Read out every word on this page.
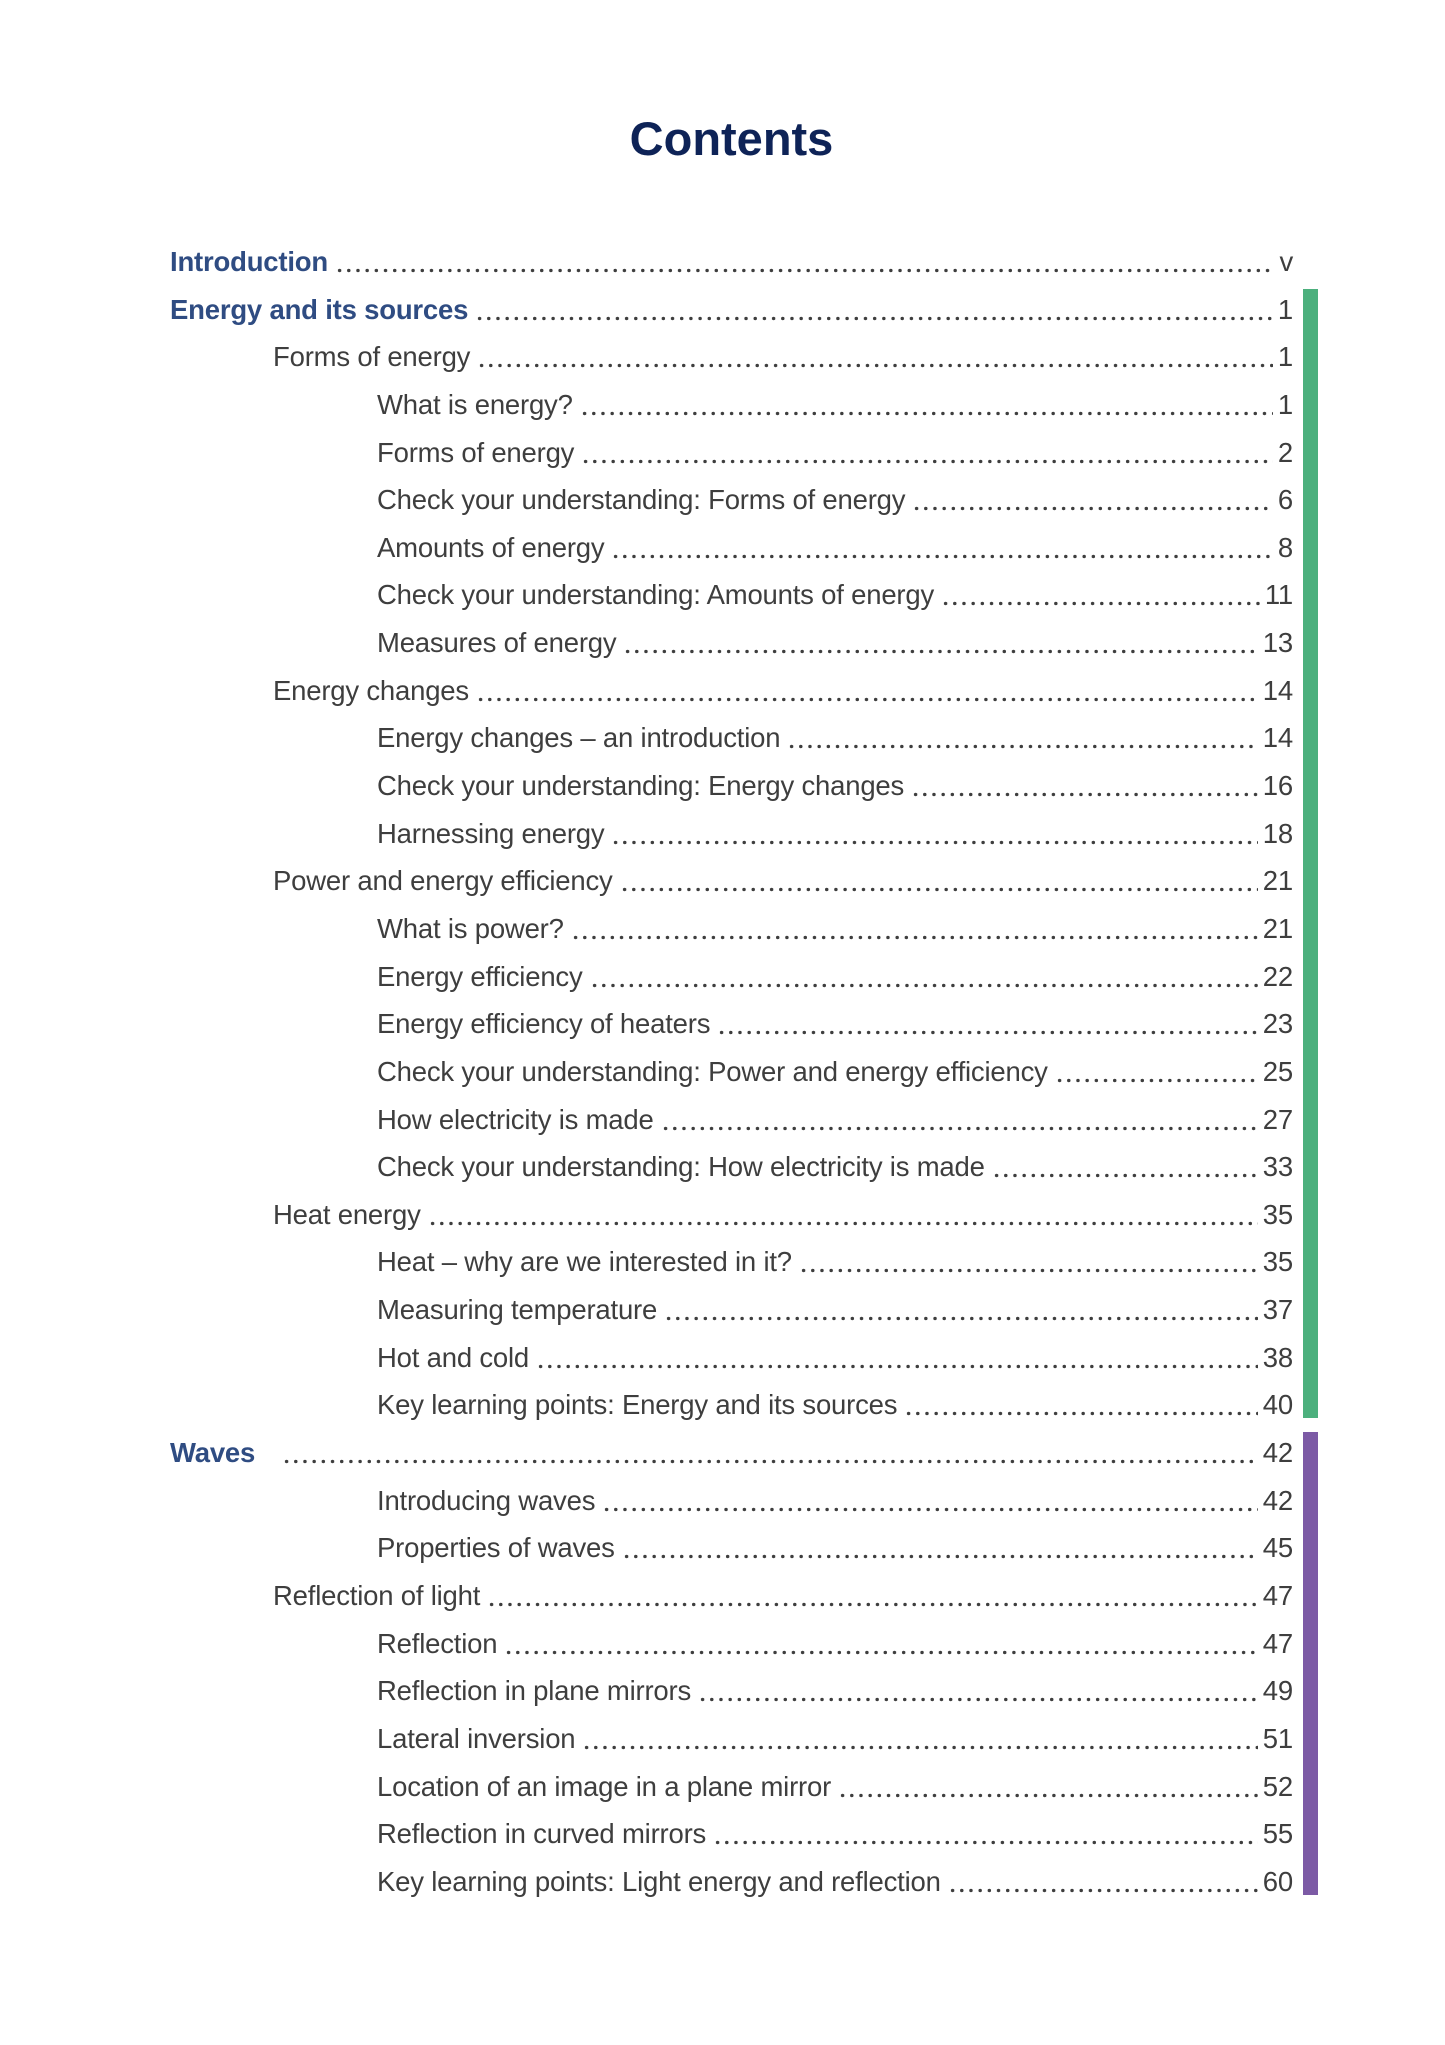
Contents
Introduction	v
Energy and its sources	1
Forms of energy	1
What is energy?	1
Forms of energy	2
Check your understanding: Forms of energy	6
Amounts of energy	8
Check your understanding: Amounts of energy	11
Measures of energy	13
Energy changes	14
Energy changes – an introduction	14
Check your understanding: Energy changes	16
Harnessing energy	18
Power and energy efficiency	21
What is power?	21
Energy efficiency	22
Energy efficiency of heaters	23
Check your understanding: Power and energy efficiency	25
How electricity is made	27
Check your understanding: How electricity is made	33
Heat energy	35
Heat – why are we interested in it?	35
Measuring temperature	37
Hot and cold	38
Key learning points: Energy and its sources	40
Waves	42
Introducing waves	42
Properties of waves	45
Reflection of light	47
Reflection	47
Reflection in plane mirrors	49
Lateral inversion	51
Location of an image in a plane mirror	52
Reflection in curved mirrors	55
Key learning points: Light energy and reflection	60
